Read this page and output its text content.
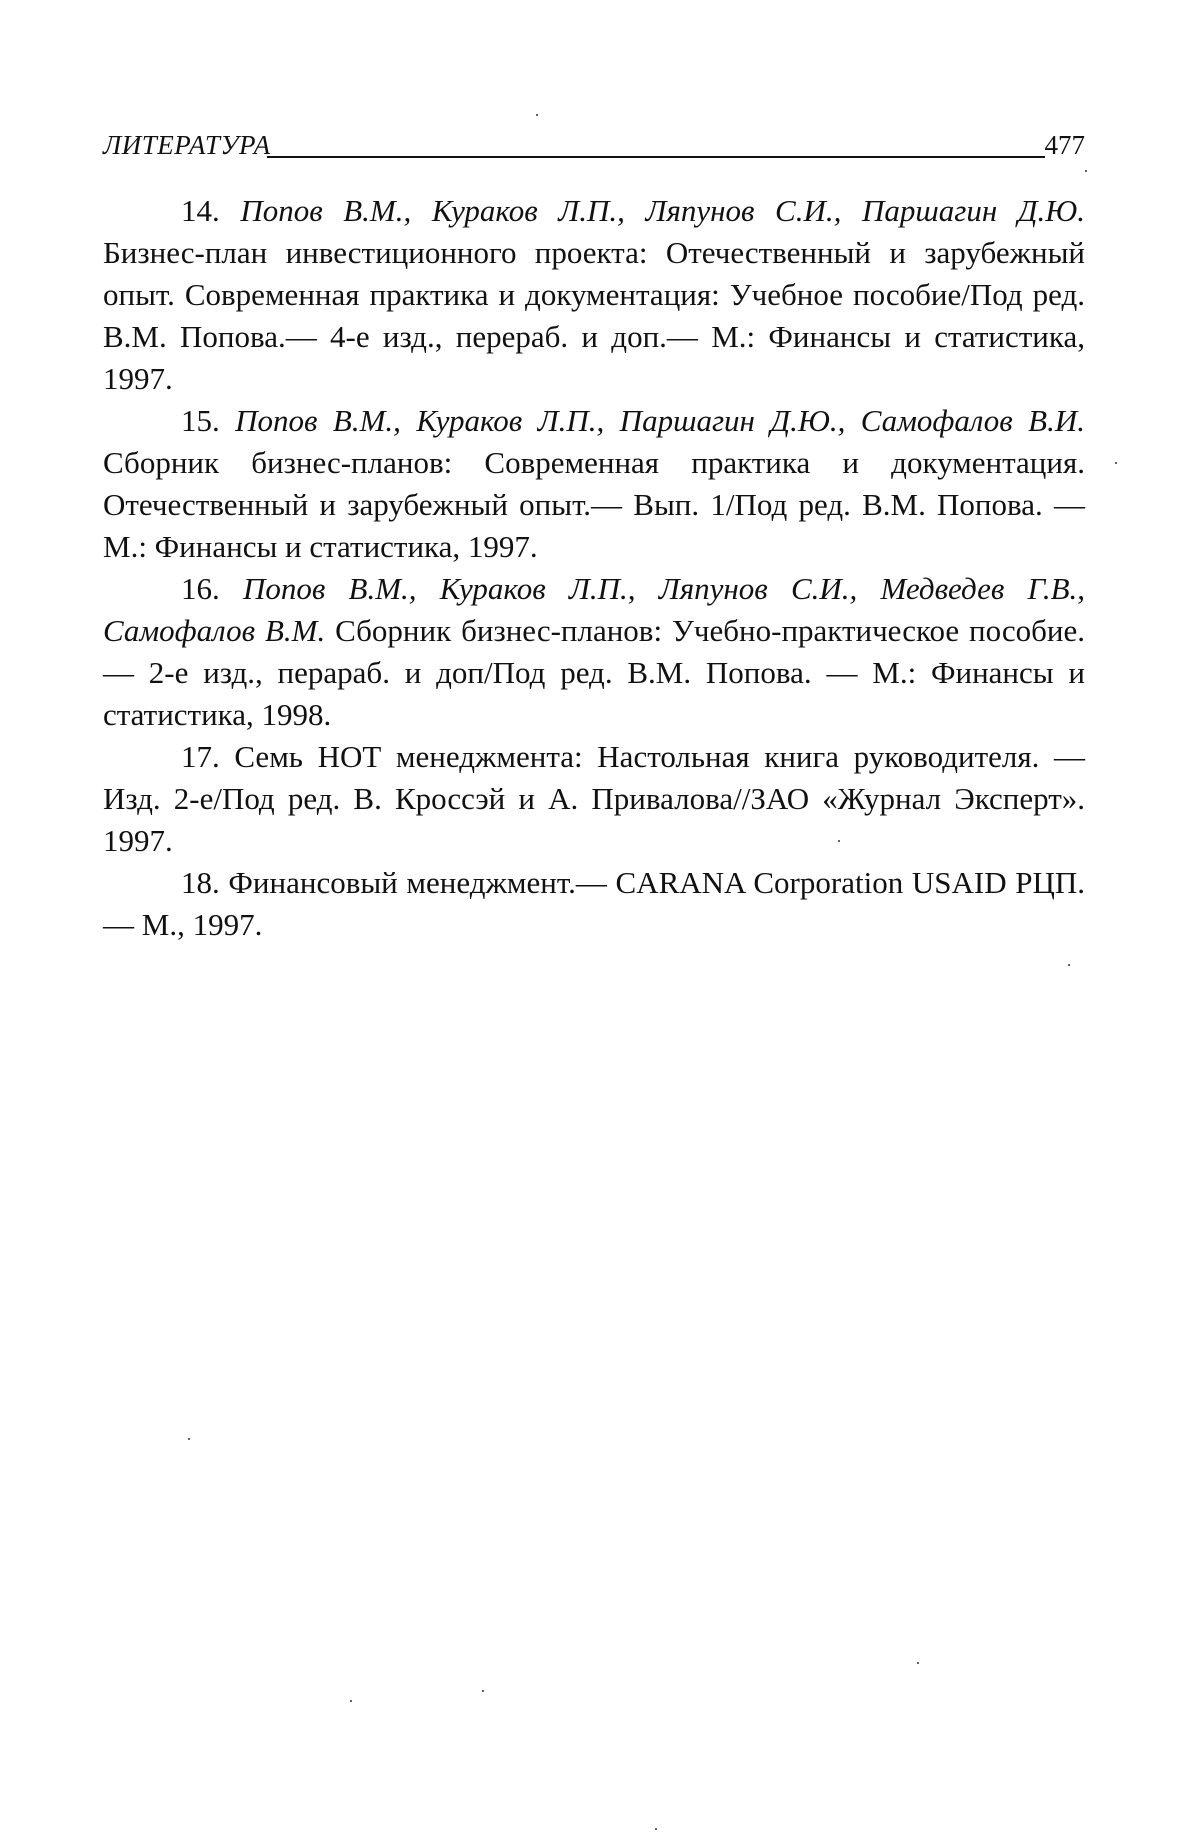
ЛИТЕРАТУРА	477

14. Попов В.М., Кураков Л.П., Ляпунов С.И., Паршагин Д.Ю. Бизнес-план инвестиционного проекта: Отечественный и зарубежный опыт. Современная практика и документация: Учебное пособие/Под ред. В.М. Попова.— 4-е изд., перераб. и доп.— М.: Финансы и статистика, 1997.

15. Попов В.М., Кураков Л.П., Паршагин Д.Ю., Самофалов В.И. Сборник бизнес-планов: Современная практика и документация. Отечественный и зарубежный опыт.— Вып. 1/Под ред. В.М. Попова. — М.: Финансы и статистика, 1997.

16. Попов В.М., Кураков Л.П., Ляпунов С.И., Медведев Г.В., Самофалов В.М. Сборник бизнес-планов: Учебно-практическое пособие. — 2-е изд., перараб. и доп/Под ред. В.М. Попова. — М.: Финансы и статистика, 1998.

17. Семь НОТ менеджмента: Настольная книга руководителя. — Изд. 2-е/Под ред. В. Кроссэй и А. Привалова//ЗАО «Журнал Эксперт». 1997.

18. Финансовый менеджмент.— CARANA Corporation USAID РЦП.— М., 1997.
